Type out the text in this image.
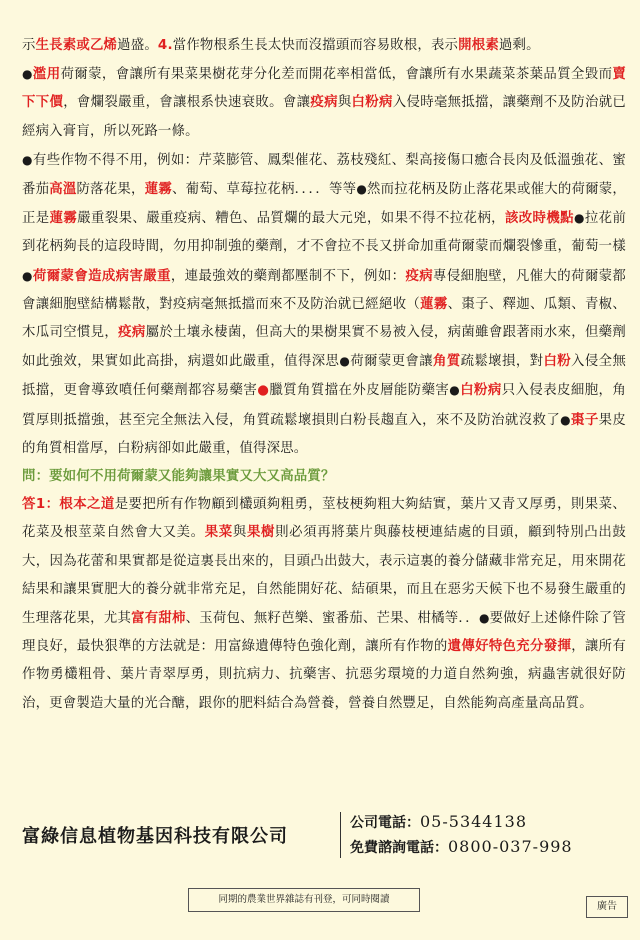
示生長素或乙烯過盛。4.當作物根系生長太快而沒擋頭而容易敗根，表示開根素過剩。

●濫用荷爾蒙，會讓所有果菜果樹花芽分化差而開花率相當低，會讓所有水果蔬菜茶葉品質全毀而賣下下價，會爛裂嚴重，會讓根系快速衰敗。會讓疫病與白粉病入侵時毫無抵擋，讓藥劑不及防治就已經病入膏肓，所以死路一條。

●有些作物不得不用，例如：芹菜膨管、鳳梨催花、荔枝殘紅、梨高接傷口癒合長肉及低溫強花、蜜番茄高溫防落花果，蓮霧、葡萄、草莓拉花柄．．．．等等●然而拉花柄及防止落花果或催大的荷爾蒙，正是蓮霧嚴重裂果、嚴重疫病、糟色、品質爛的最大元兇，如果不得不拉花柄，該改時機點●拉花前到花柄夠長的這段時間，勿用抑制強的藥劑，才不會拉不長又拼命加重荷爾蒙而爛裂慘重，葡萄一樣●荷爾蒙會造成病害嚴重，連最強效的藥劑都壓制不下，例如：疫病專侵細胞壁，凡催大的荷爾蒙都會讓細胞壁結構鬆散，對疫病毫無抵擋而來不及防治就已經絕收（蓮霧、棗子、釋迦、瓜類、青椒、木瓜司空慣見，疫病屬於土壤永棲菌，但高大的果樹果實不易被入侵，病菌雖會跟著雨水來，但藥劑如此強效，果實如此高掛，病還如此嚴重，值得深思●荷爾蒙更會讓角質疏鬆壞損，對白粉入侵全無抵擋，更會導致噴任何藥劑都容易藥害●臘質角質擋在外皮層能防藥害●白粉病只入侵表皮細胞，角質厚則抵擋強，甚至完全無法入侵，角質疏鬆壞損則白粉長趨直入，來不及防治就沒救了●棗子果皮的角質相當厚，白粉病卻如此嚴重，值得深思。

問：要如何不用荷爾蒙又能夠讓果實又大又高品質？

答1：根本之道是要把所有作物顧到欉頭夠粗勇，莖枝梗夠粗大夠結實，葉片又青又厚勇，則果菜、花菜及根莖菜自然會大又美。果菜與果樹則必須再將葉片與藤枝梗連結處的目頭，顧到特別凸出鼓大，因為花蕾和果實都是從這裏長出來的，目頭凸出鼓大，表示這裏的養分儲藏非常充足，用來開花結果和讓果實肥大的養分就非常充足，自然能開好花、結碩果，而且在惡劣天候下也不易發生嚴重的生理落花果，尤其富有甜柿、玉荷包、無籽芭樂、蜜番茄、芒果、柑橘等．．●要做好上述條件除了管理良好，最快狠準的方法就是：用富綠遺傳特色強化劑，讓所有作物的遺傳好特色充分發揮，讓所有作物勇欉粗骨、葉片青翠厚勇，則抗病力、抗藥害、抗惡劣環境的力道自然夠強，病蟲害就很好防治，更會製造大量的光合醣，跟你的肥料結合為營養，營養自然豐足，自然能夠高產量高品質。

富綠信息植物基因科技有限公司
公司電話：05-5344138
免費諮詢電話：0800-037-998
同期的農業世界雜誌有刊登，可同時閱讀
廣告
